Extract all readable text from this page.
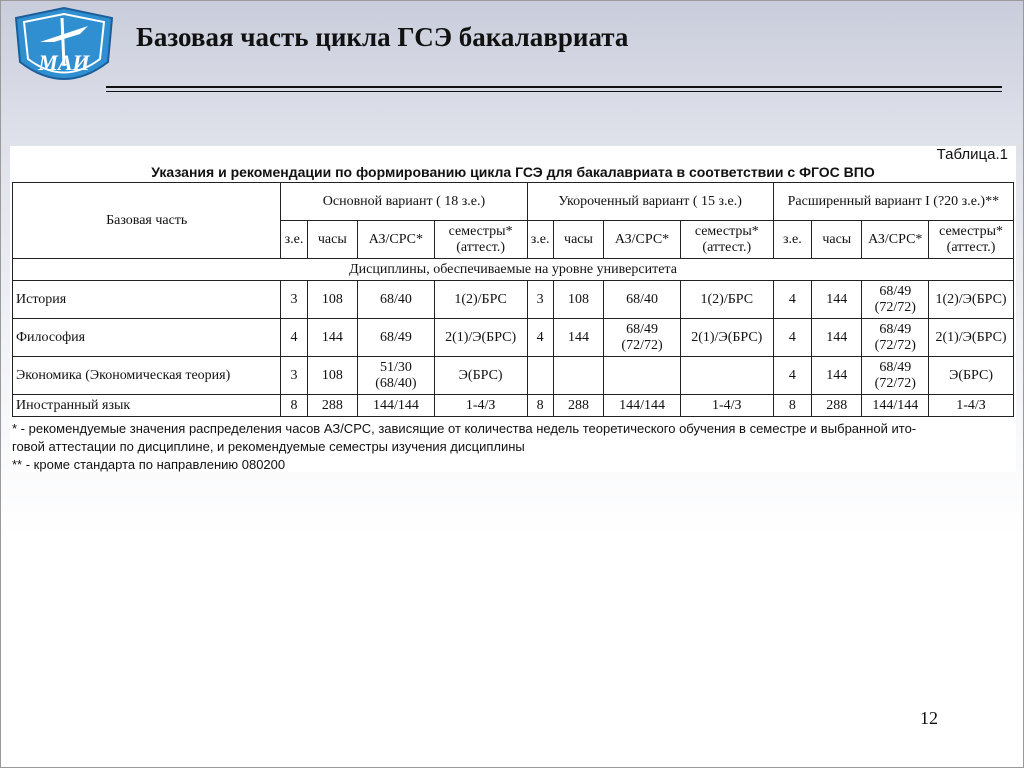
МАИ
Базовая часть цикла ГСЭ бакалавриата
Таблица.1
Указания и рекомендации по формированию цикла ГСЭ для бакалавриата в соответствии с ФГОС ВПО
Базовая часть	Основной вариант ( 18 з.е.)				Укороченный вариант ( 15 з.е.)				Расширенный вариант I (?20 з.е.)**			
	з.е.	часы	АЗ/СРС*	семестры* (аттест.)	з.е.	часы	АЗ/СРС*	семестры* (аттест.)	з.е.	часы	АЗ/СРС*	семестры* (аттест.)
Дисциплины, обеспечиваемые на уровне университета												
История	3	108	68/40	1(2)/БРС	3	108	68/40	1(2)/БРС	4	144	68/49 (72/72)	1(2)/Э(БРС)
Философия	4	144	68/49	2(1)/Э(БРС)	4	144	68/49 (72/72)	2(1)/Э(БРС)	4	144	68/49 (72/72)	2(1)/Э(БРС)
Экономика (Экономическая теория)	3	108	51/30 (68/40)	Э(БРС)					4	144	68/49 (72/72)	Э(БРС)
Иностранный язык	8	288	144/144	1-4/З	8	288	144/144	1-4/З	8	288	144/144	1-4/З
* - рекомендуемые значения распределения часов АЗ/СРС, зависящие от количества недель теоретического обучения в семестре и выбранной ито-
говой аттестации по дисциплине, и рекомендуемые семестры изучения дисциплины
** - кроме стандарта по направлению 080200
12
